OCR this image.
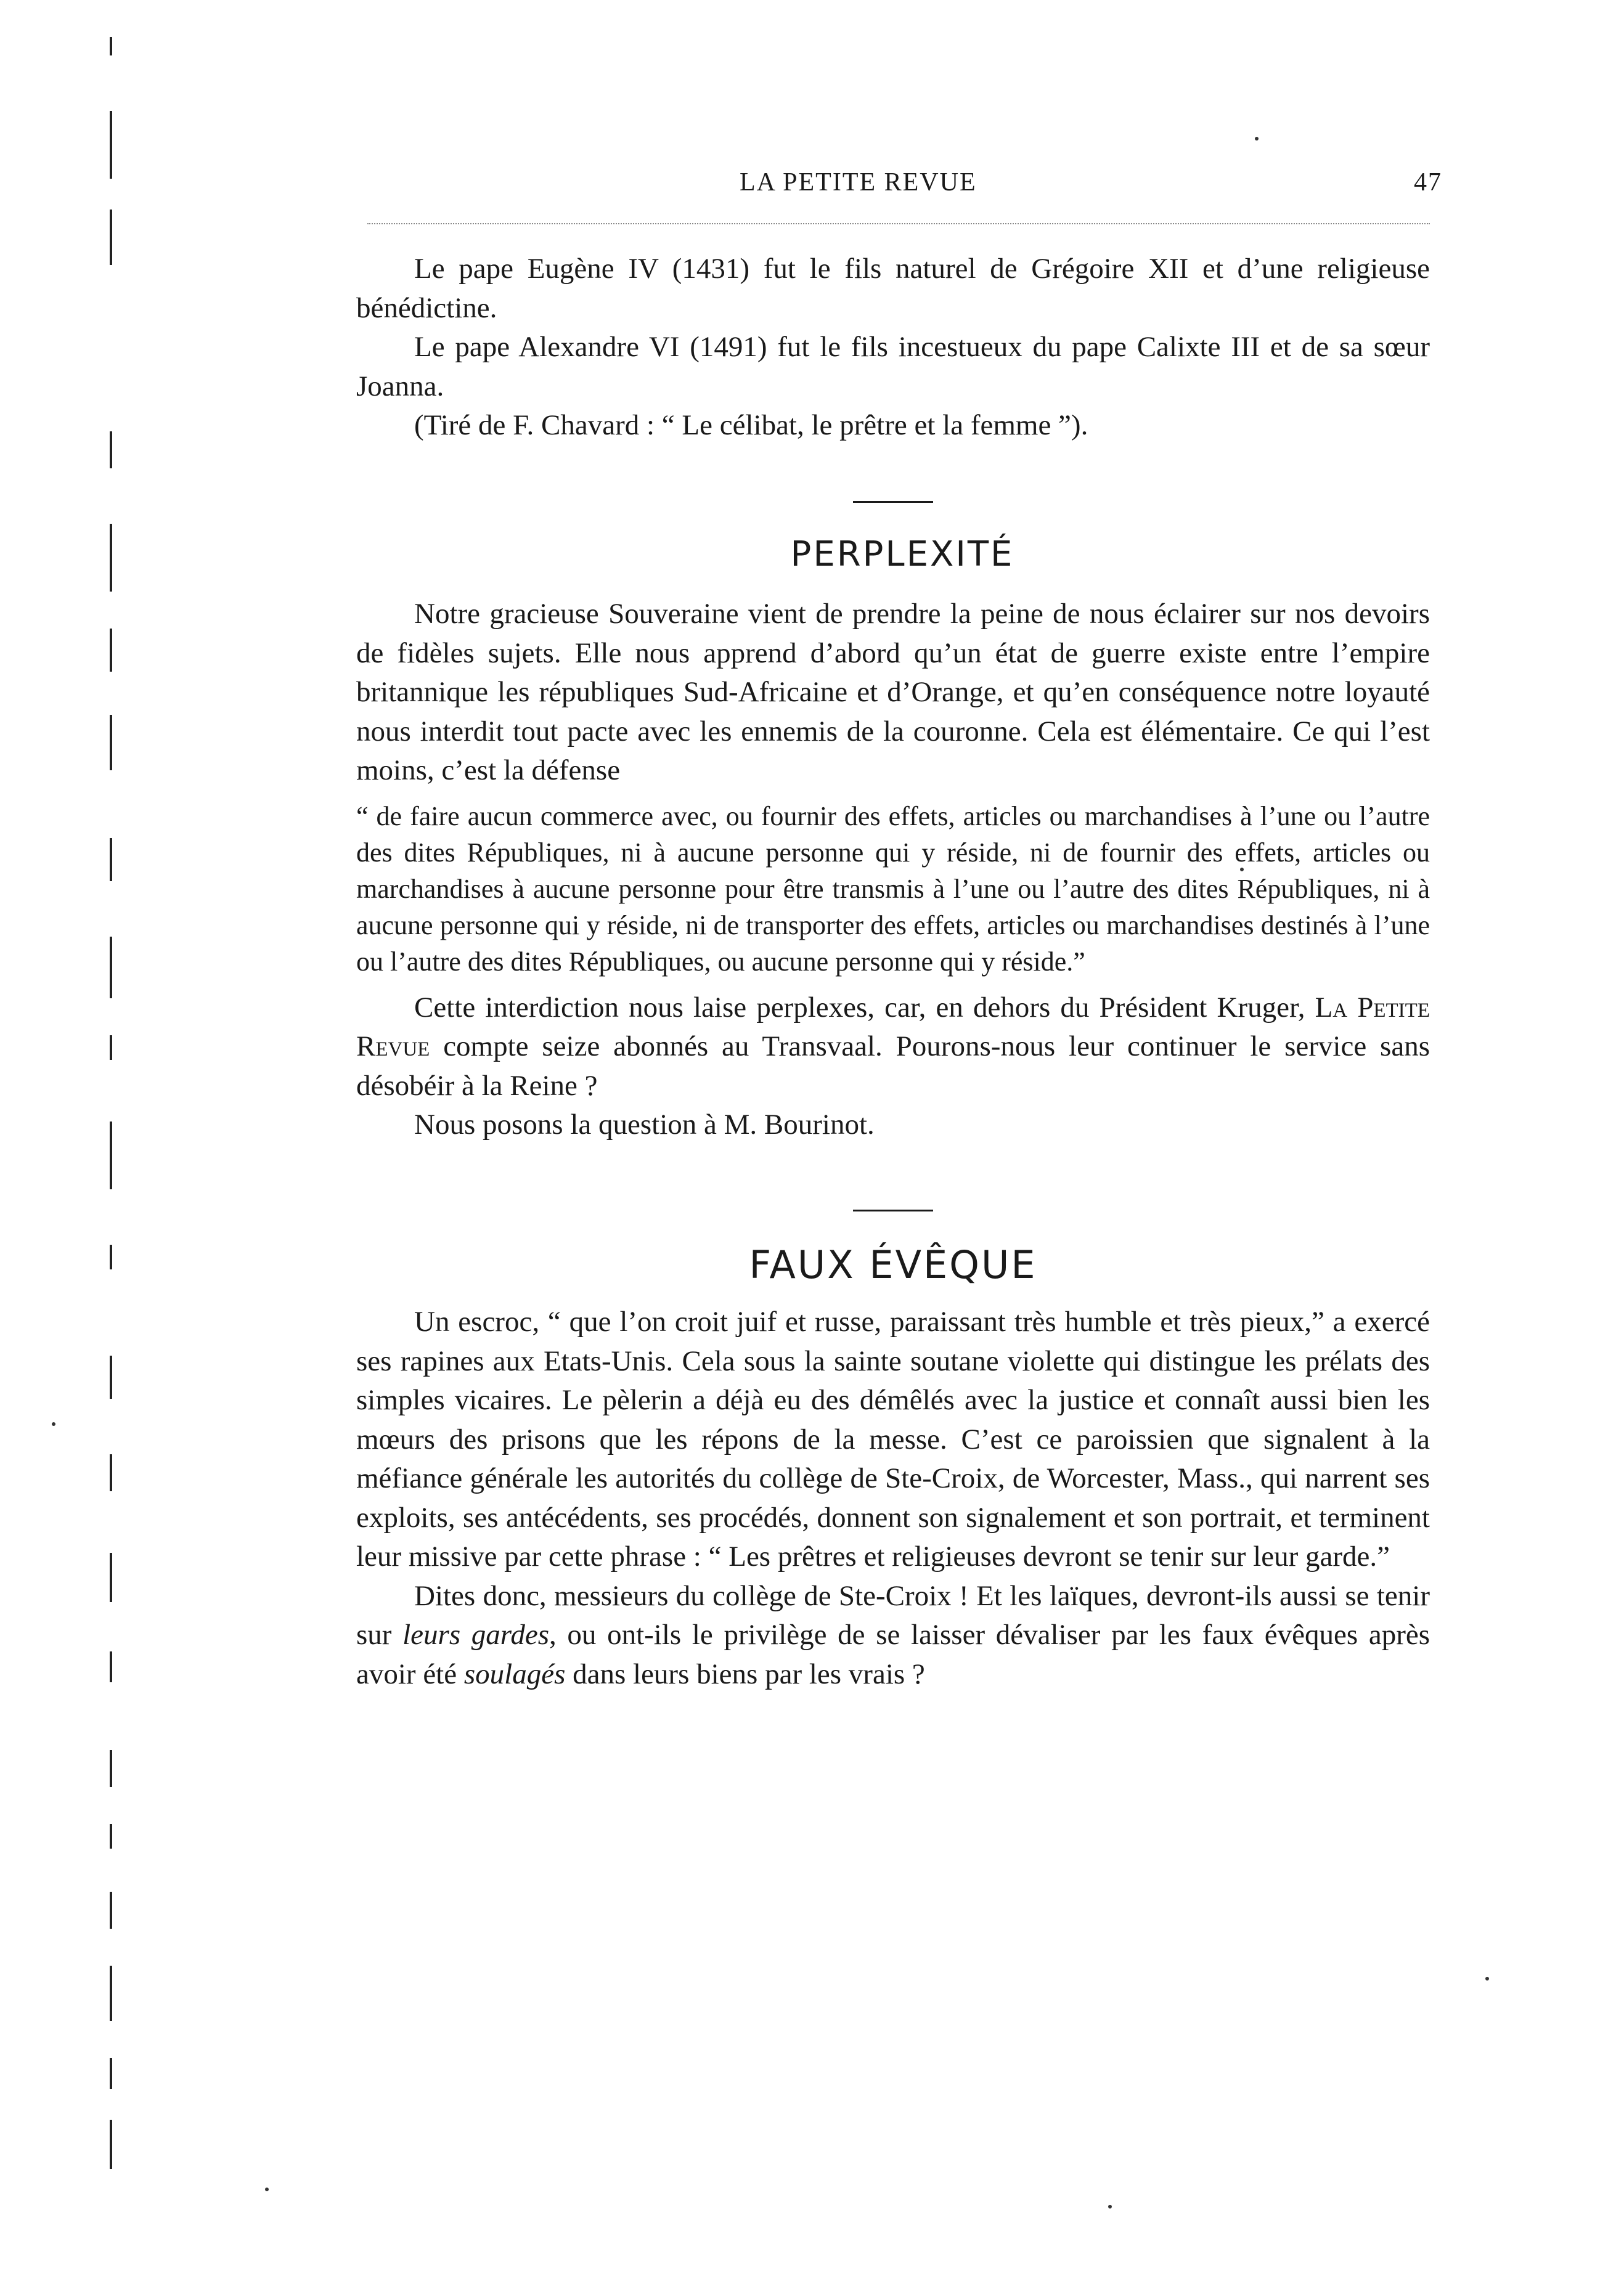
LA PETITE REVUE	47

Le pape Eugène IV (1431) fut le fils naturel de Grégoire XII et d’une religieuse bénédictine.

Le pape Alexandre VI (1491) fut le fils incestueux du pape Calixte III et de sa sœur Joanna.

(Tiré de F. Chavard : “ Le célibat, le prêtre et la femme ”).

PERPLEXITÉ

Notre gracieuse Souveraine vient de prendre la peine de nous éclairer sur nos devoirs de fidèles sujets. Elle nous apprend d’abord qu’un état de guerre existe entre l’empire britannique les républiques Sud-Africaine et d’Orange, et qu’en conséquence notre loyauté nous interdit tout pacte avec les ennemis de la couronne. Cela est élémentaire. Ce qui l’est moins, c’est la défense

“ de faire aucun commerce avec, ou fournir des effets, articles ou marchandises à l’une ou l’autre des dites Républiques, ni à aucune personne qui y réside, ni de fournir des effets, articles ou marchandises à aucune personne pour être transmis à l’une ou l’autre des dites Républiques, ni à aucune personne qui y réside, ni de transporter des effets, articles ou marchandises destinés à l’une ou l’autre des dites Républiques, ou aucune personne qui y réside.”

Cette interdiction nous laise perplexes, car, en dehors du Président Kruger, La Petite Revue compte seize abonnés au Transvaal. Pourons-nous leur continuer le service sans désobéir à la Reine ?

Nous posons la question à M. Bourinot.

FAUX ÉVÊQUE

Un escroc, “ que l’on croit juif et russe, paraissant très humble et très pieux,” a exercé ses rapines aux Etats-Unis. Cela sous la sainte soutane violette qui distingue les prélats des simples vicaires. Le pèlerin a déjà eu des démêlés avec la justice et connaît aussi bien les mœurs des prisons que les répons de la messe. C’est ce paroissien que signalent à la méfiance générale les autorités du collège de Ste-Croix, de Worcester, Mass., qui narrent ses exploits, ses antécédents, ses procédés, donnent son signalement et son portrait, et terminent leur missive par cette phrase : “ Les prêtres et religieuses devront se tenir sur leur garde.”

Dites donc, messieurs du collège de Ste-Croix ! Et les laïques, devront-ils aussi se tenir sur leurs gardes, ou ont-ils le privilège de se laisser dévaliser par les faux évêques après avoir été soulagés dans leurs biens par les vrais ?
